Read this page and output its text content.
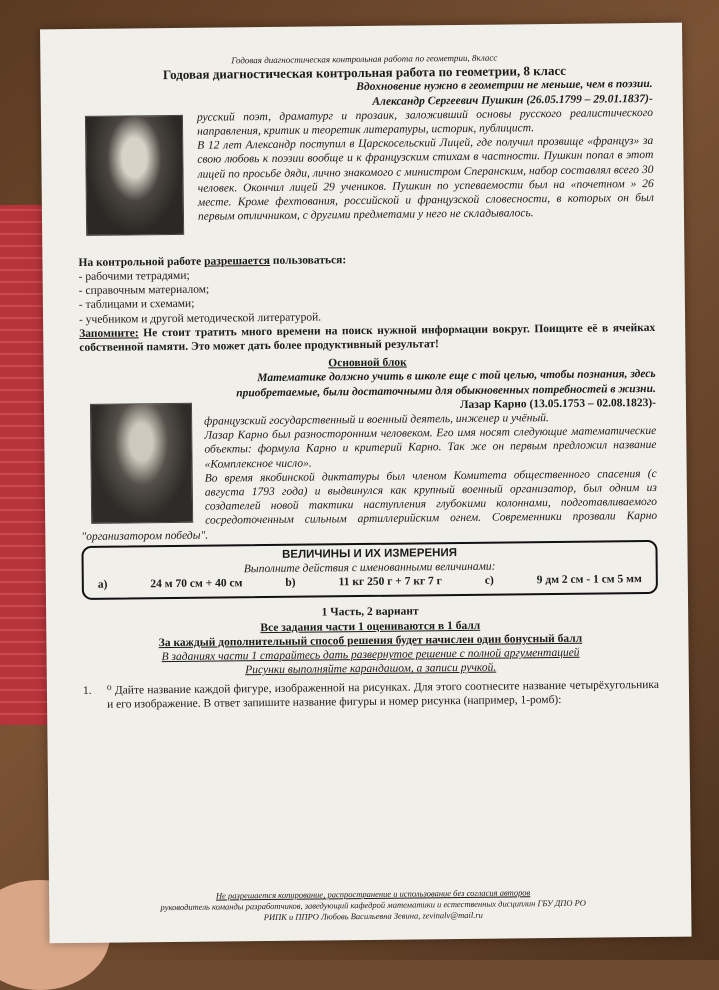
Годовая диагностическая контрольная работа по геометрии, 8класс
Годовая диагностическая контрольная работа по геометрии, 8 класс
Вдохновение нужно в геометрии не меньше, чем в поэзии.
Александр Сергеевич Пушкин (26.05.1799 – 29.01.1837)-

русский поэт, драматург и прозаик, заложивший основы русского реалистического направления, критик и теоретик литературы, историк, публицист.

В 12 лет Александр поступил в Царскосельский Лицей, где получил прозвище «француз» за свою любовь к поэзии вообще и к французским стихам в частности. Пушкин попал в этот лицей по просьбе дяди, лично знакомого с министром Сперанским, набор составлял всего 30 человек. Окончил лицей 29 учеников. Пушкин по успеваемости был на «почетном » 26 месте. Кроме фехтования, российской и французской словесности, в которых он был первым отличником, с другими предметами у него не складывалось.

На контрольной работе разрешается пользоваться:
- рабочими тетрадями;
- справочным материалом;
- таблицами и схемами;
- учебником и другой методической литературой.

Запомните: Не стоит тратить много времени на поиск нужной информации вокруг. Поищите её в ячейках собственной памяти. Это может дать более продуктивный результат!

Основной блок
Математике должно учить в школе еще с той целью, чтобы познания, здесь приобретаемые, были достаточными для обыкновенных потребностей в жизни.
Лазар Карно (13.05.1753 – 02.08.1823)-

французский государственный и военный деятель, инженер и учёный.

Лазар Карно был разносторонним человеком. Его имя носят следующие математические объекты: формула Карно и критерий Карно. Так же он первым предложил название «Комплексное число».

Во время якобинской диктатуры был членом Комитета общественного спасения (с августа 1793 года) и выдвинулся как крупный военный организатор, был одним из создателей новой тактики наступления глубокими колоннами, подготавливаемого сосредоточенным сильным артиллерийским огнем. Современники прозвали Карно "организатором победы".

ВЕЛИЧИНЫ И ИХ ИЗМЕРЕНИЯ
Выполните действия с именованными величинами:
а)	24 м 70 см + 40 см	b)	11 кг 250 г + 7 кг 7 г	с)	9 дм 2 см - 1 см 5 мм
1 Часть, 2 вариант
Все задания части 1 оцениваются в 1 балл
За каждый дополнительный способ решения будет начислен один бонусный балл
В заданиях части 1 старайтесь дать развернутое решение с полной аргументацией
Рисунки выполняйте карандашом, а записи ручкой.
1.	⁰ Дайте название каждой фигуре, изображенной на рисунках. Для этого соотнесите название четырёхугольника и его изображение. В ответ запишите название фигуры и номер рисунка (например, 1-ромб):
Не разрешается копирование, распространение и использование без согласия авторов
руководитель команды разработчиков, заведующий кафедрой математики и естественных дисциплин ГБУ ДПО РО
РИПК и ППРО Любовь Васильевна Зевина, zevinalv@mail.ru
